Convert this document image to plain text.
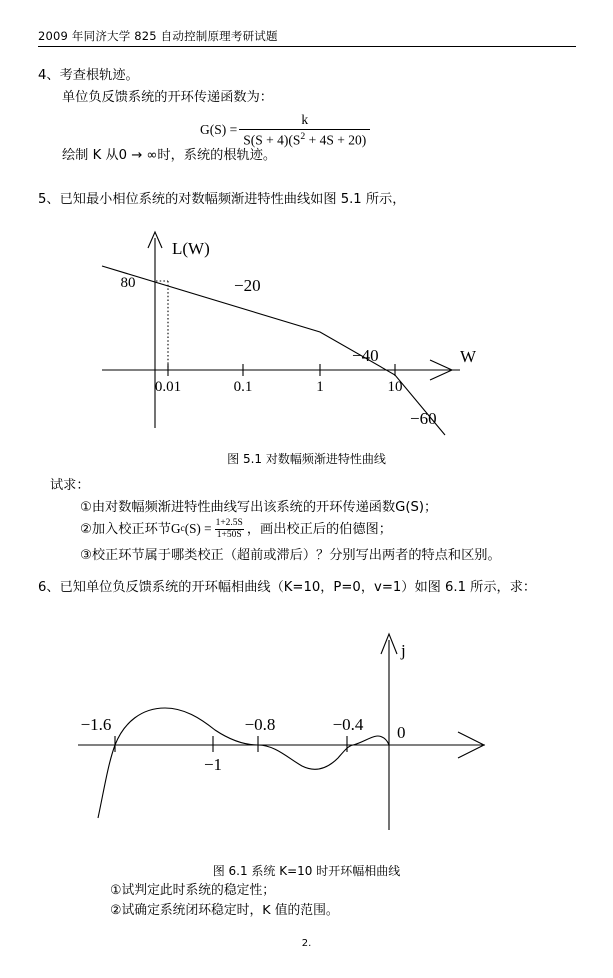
2009 年同济大学 825 自动控制原理考研试题
4、考查根轨迹。
单位负反馈系统的开环传递函数为：
$G(S) = \frac{k}{S(S + 4)(S^2 + 4S + 20)}$
绘制 K 从0 → ∞时，系统的根轨迹。
5、已知最小相位系统的对数幅频渐进特性曲线如图 5.1 所示，
L(W)
W
80
0.01	0.1	1	10
−20
−40
−60
图 5.1 对数幅频渐进特性曲线
试求：
①由对数幅频渐进特性曲线写出该系统的开环传递函数G(S)；
②加入校正环节 G c $(S) = \frac{1+2.5S}{1+50S}$ ，画出校正后的伯德图；
③校正环节属于哪类校正（超前或滞后）？分别写出两者的特点和区别。
6、已知单位负反馈系统的开环幅相曲线（K=10，P=0，v=1）如图 6.1 所示，求：
j
−1.6
−1
−0.8	−0.4 0
图 6.1 系统 K=10 时开环幅相曲线
①试判定此时系统的稳定性；
②试确定系统闭环稳定时，K 值的范围。
2.
